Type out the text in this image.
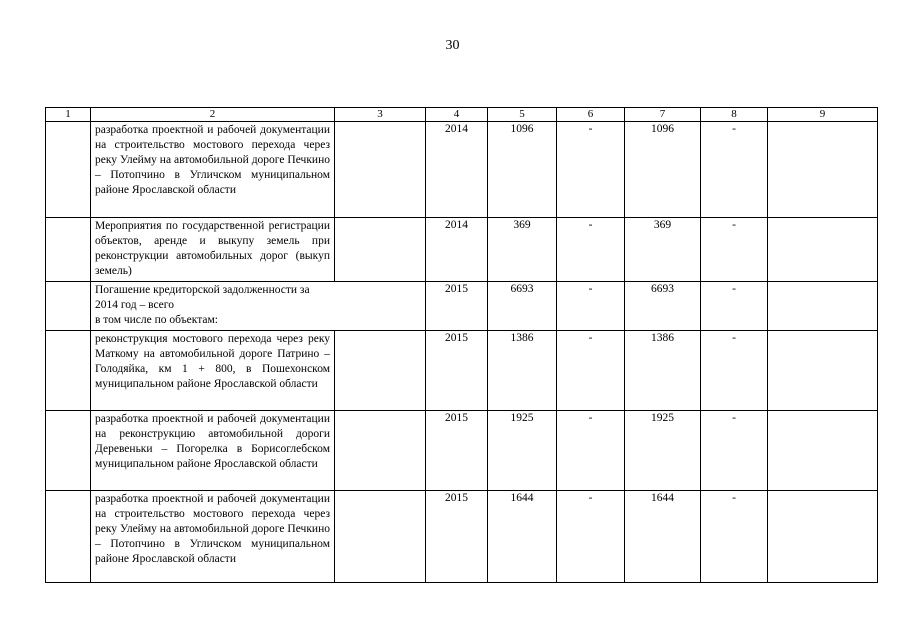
30
1	2	3	4	5	6	7	8	9

	разработка проектной и рабочей документации на строительство мостового перехода через реку Улейму на автомобильной дороге Печкино – Потопчино в Угличском муниципальном районе Ярославской области		2014	1096	-	1096	-	

	Мероприятия по государственной регистрации объектов, аренде и выкупу земель при реконструкции автомобильных дорог (выкуп земель)		2014	369	-	369	-	

	Погашение кредиторской задолженности за 2014 год – всего
в том числе по объектам:		2015	6693	-	6693	-	

	реконструкция мостового перехода через реку Маткому на автомобильной дороге Патрино – Голодяйка, км 1 + 800, в Пошехонском муниципальном районе Ярославской области		2015	1386	-	1386	-	

	разработка проектной и рабочей документации на реконструкцию автомобильной дороги Деревеньки – Погорелка в Борисоглебском муниципальном районе Ярославской области		2015	1925	-	1925	-	

	разработка проектной и рабочей документации на строительство мостового перехода через реку Улейму на автомобильной дороге Печкино – Потопчино в Угличском муниципальном районе Ярославской области		2015	1644	-	1644	-	
